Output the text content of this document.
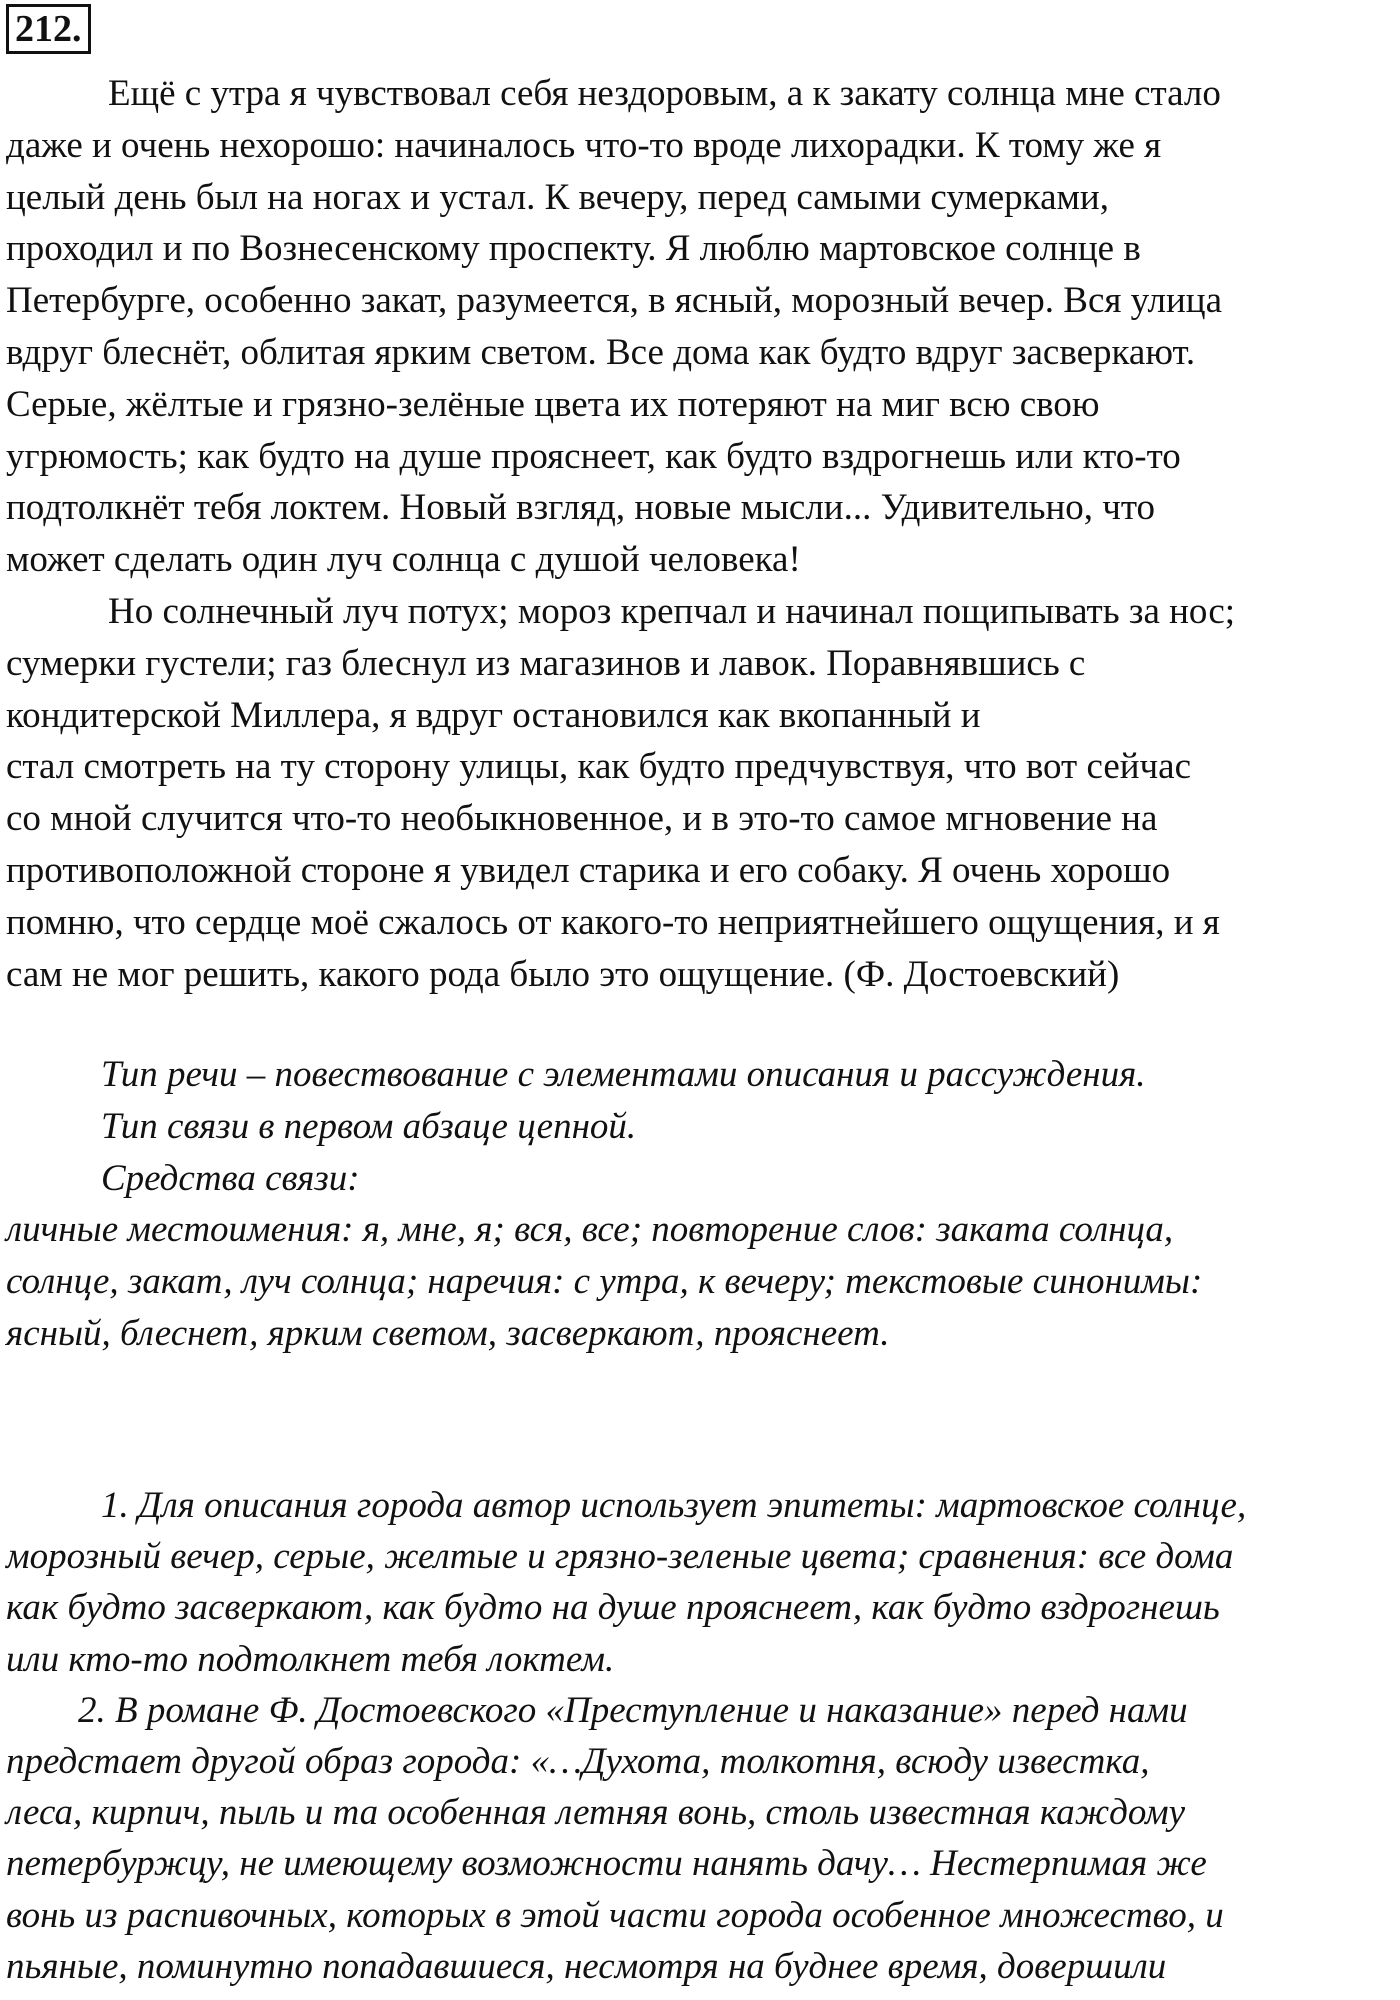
212.
Ещё с утра я чувствовал себя нездоровым, а к закату солнца мне стало
даже и очень нехорошо: начиналось что-то вроде лихорадки. К тому же я
целый день был на ногах и устал. К вечеру, перед самыми сумерками,
проходил и по Вознесенскому проспекту. Я люблю мартовское солнце в
Петербурге, особенно закат, разумеется, в ясный, морозный вечер. Вся улица
вдруг блеснёт, облитая ярким светом. Все дома как будто вдруг засверкают.
Серые, жёлтые и грязно-зелёные цвета их потеряют на миг всю свою
угрюмость; как будто на душе прояснеет, как будто вздрогнешь или кто-то
подтолкнёт тебя локтем. Новый взгляд, новые мысли... Удивительно, что
может сделать один луч солнца с душой человека!
Но солнечный луч потух; мороз крепчал и начинал пощипывать за нос;
сумерки густели; газ блеснул из магазинов и лавок. Поравнявшись с
кондитерской Миллера, я вдруг остановился как вкопанный и
стал смотреть на ту сторону улицы, как будто предчувствуя, что вот сейчас
со мной случится что-то необыкновенное, и в это-то самое мгновение на
противоположной стороне я увидел старика и его собаку. Я очень хорошо
помню, что сердце моё сжалось от какого-то неприятнейшего ощущения, и я
сам не мог решить, какого рода было это ощущение. (Ф. Достоевский)
Тип речи – повествование с элементами описания и рассуждения.
Тип связи в первом абзаце цепной.
Средства связи:
личные местоимения: я, мне, я; вся, все; повторение слов: заката солнца,
солнце, закат, луч солнца; наречия: с утра, к вечеру; текстовые синонимы:
ясный, блеснет, ярким светом, засверкают, прояснеет.
1. Для описания города автор использует эпитеты: мартовское солнце,
морозный вечер, серые, желтые и грязно-зеленые цвета; сравнения: все дома
как будто засверкают, как будто на душе прояснеет, как будто вздрогнешь
или кто-то подтолкнет тебя локтем.
2. В романе Ф. Достоевского «Преступление и наказание» перед нами
предстает другой образ города: «…Духота, толкотня, всюду известка,
леса, кирпич, пыль и та особенная летняя вонь, столь известная каждому
петербуржцу, не имеющему возможности нанять дачу… Нестерпимая же
вонь из распивочных, которых в этой части города особенное множество, и
пьяные, поминутно попадавшиеся, несмотря на буднее время, довершили
